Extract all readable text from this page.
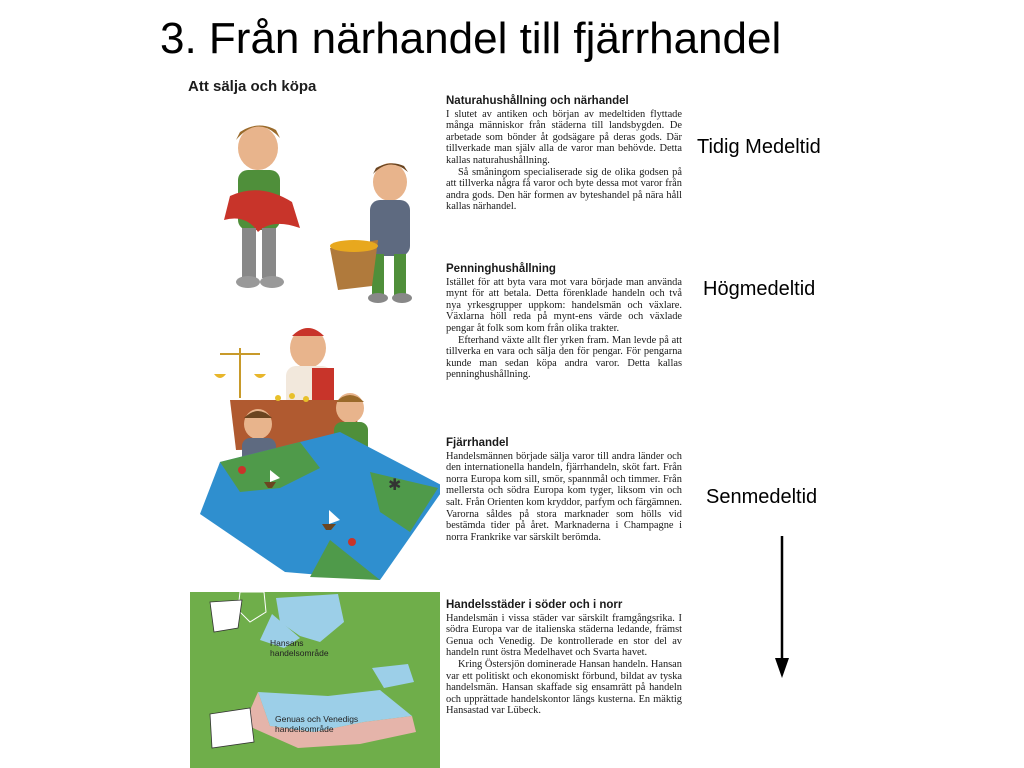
3. Från närhandel till fjärrhandel
Att sälja och köpa
✱
Hansans
handelsområde
Genuas och Venedigs
handelsområde
Naturahushållning och närhandel

I slutet av antiken och början av medeltiden flyttade många människor från städerna till landsbygden. De arbetade som bönder åt godsägare på deras gods. Där tillverkade man själv alla de varor man behövde. Detta kallas naturahushållning.

Så småningom specialiserade sig de olika godsen på att tillverka några få varor och byte dessa mot varor från andra gods. Den här formen av byteshandel på nära håll kallas närhandel.

Penninghushållning

Istället för att byta vara mot vara började man använda mynt för att betala. Detta förenklade handeln och två nya yrkesgrupper uppkom: handelsmän och växlare. Växlarna höll reda på mynt-ens värde och växlade pengar åt folk som kom från olika trakter.

Efterhand växte allt fler yrken fram. Man levde på att tillverka en vara och sälja den för pengar. För pengarna kunde man sedan köpa andra varor. Detta kallas penninghushållning.

Fjärrhandel

Handelsmännen började sälja varor till andra länder och den internationella handeln, fjärrhandeln, sköt fart. Från norra Europa kom sill, smör, spannmål och timmer. Från mellersta och södra Europa kom tyger, liksom vin och salt. Från Orienten kom kryddor, parfym och färgämnen. Varorna såldes på stora marknader som hölls vid bestämda tider på året. Marknaderna i Champagne i norra Frankrike var särskilt berömda.

Handelsstäder i söder och i norr

Handelsmän i vissa städer var särskilt framgångsrika. I södra Europa var de italienska städerna ledande, främst Genua och Venedig. De kontrollerade en stor del av handeln runt östra Medelhavet och Svarta havet.

Kring Östersjön dominerade Hansan handeln. Hansan var ett politiskt och ekonomiskt förbund, bildat av tyska handelsmän. Hansan skaffade sig ensamrätt på handeln och upprättade handelskontor längs kusterna. En mäktig Hansastad var Lübeck.

Tidig Medeltid
Högmedeltid
Senmedeltid
